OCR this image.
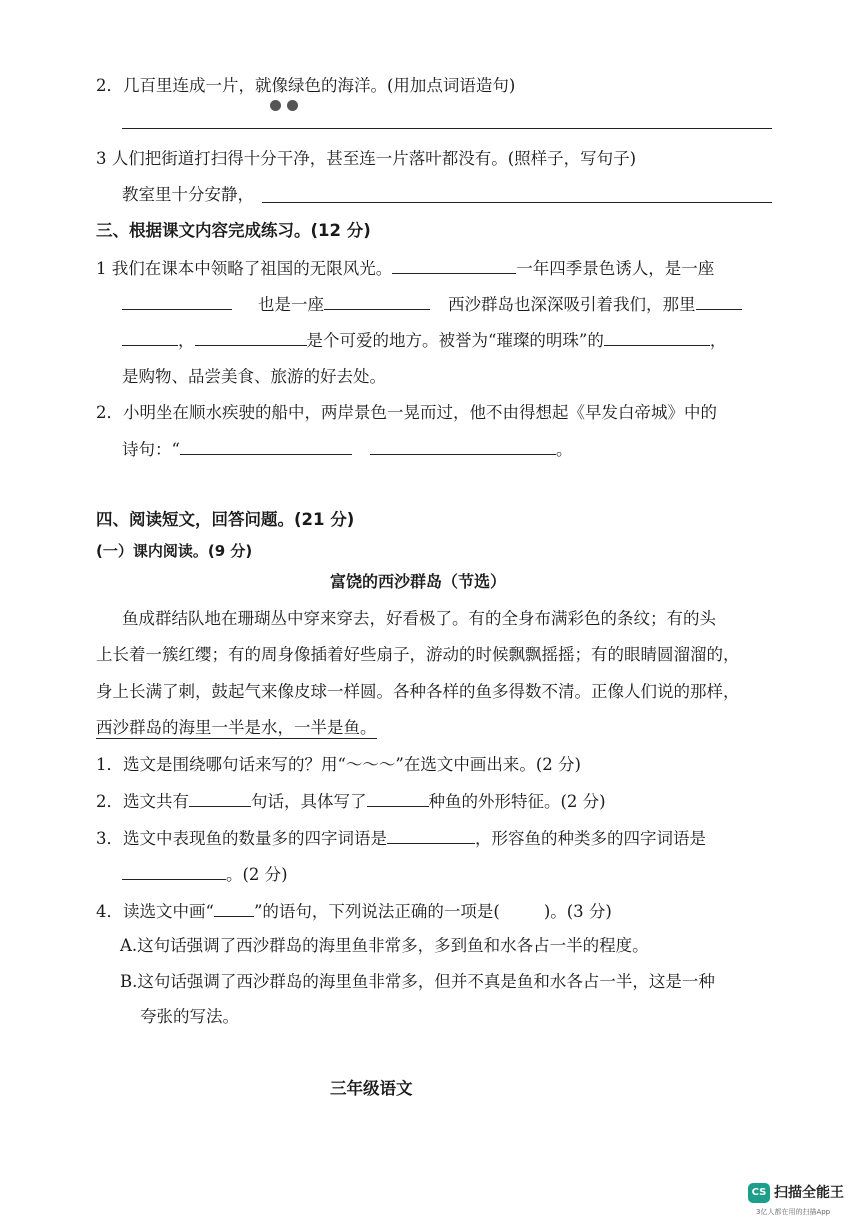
2．几百里连成一片，就像绿色的海洋。(用加点词语造句)
3 人们把街道打扫得十分干净，甚至连一片落叶都没有。(照样子，写句子)
教室里十分安静，
三、根据课文内容完成练习。(12 分)
1 我们在课本中领略了祖国的无限风光。	一年四季景色诱人，是一座
也是一座	西沙群岛也深深吸引着我们，那里
，	是个可爱的地方。被誉为“璀璨的明珠”的	，
是购物、品尝美食、旅游的好去处。
2．小明坐在顺水疾驶的船中，两岸景色一晃而过，他不由得想起《早发白帝城》中的
诗句：“	。
四、阅读短文，回答问题。(21 分)
(一）课内阅读。(9 分)
富饶的西沙群岛（节选）
鱼成群结队地在珊瑚丛中穿来穿去，好看极了。有的全身布满彩色的条纹；有的头
上长着一簇红缨；有的周身像插着好些扇子，游动的时候飘飘摇摇；有的眼睛圆溜溜的，
身上长满了刺，鼓起气来像皮球一样圆。各种各样的鱼多得数不清。正像人们说的那样，
西沙群岛的海里一半是水，一半是鱼。
1．选文是围绕哪句话来写的？用“～～～”在选文中画出来。(2 分)
2．选文共有	句话，具体写了	种鱼的外形特征。(2 分)
3．选文中表现鱼的数量多的四字词语是	，形容鱼的种类多的四字词语是
。(2 分)
4．读选文中画“ ”的语句，下列说法正确的一项是(	)。(3 分)
A.这句话强调了西沙群岛的海里鱼非常多，多到鱼和水各占一半的程度。
B.这句话强调了西沙群岛的海里鱼非常多，但并不真是鱼和水各占一半，这是一种
夸张的写法。
三年级语文
CS 扫描全能王
3亿人都在用的扫描App
